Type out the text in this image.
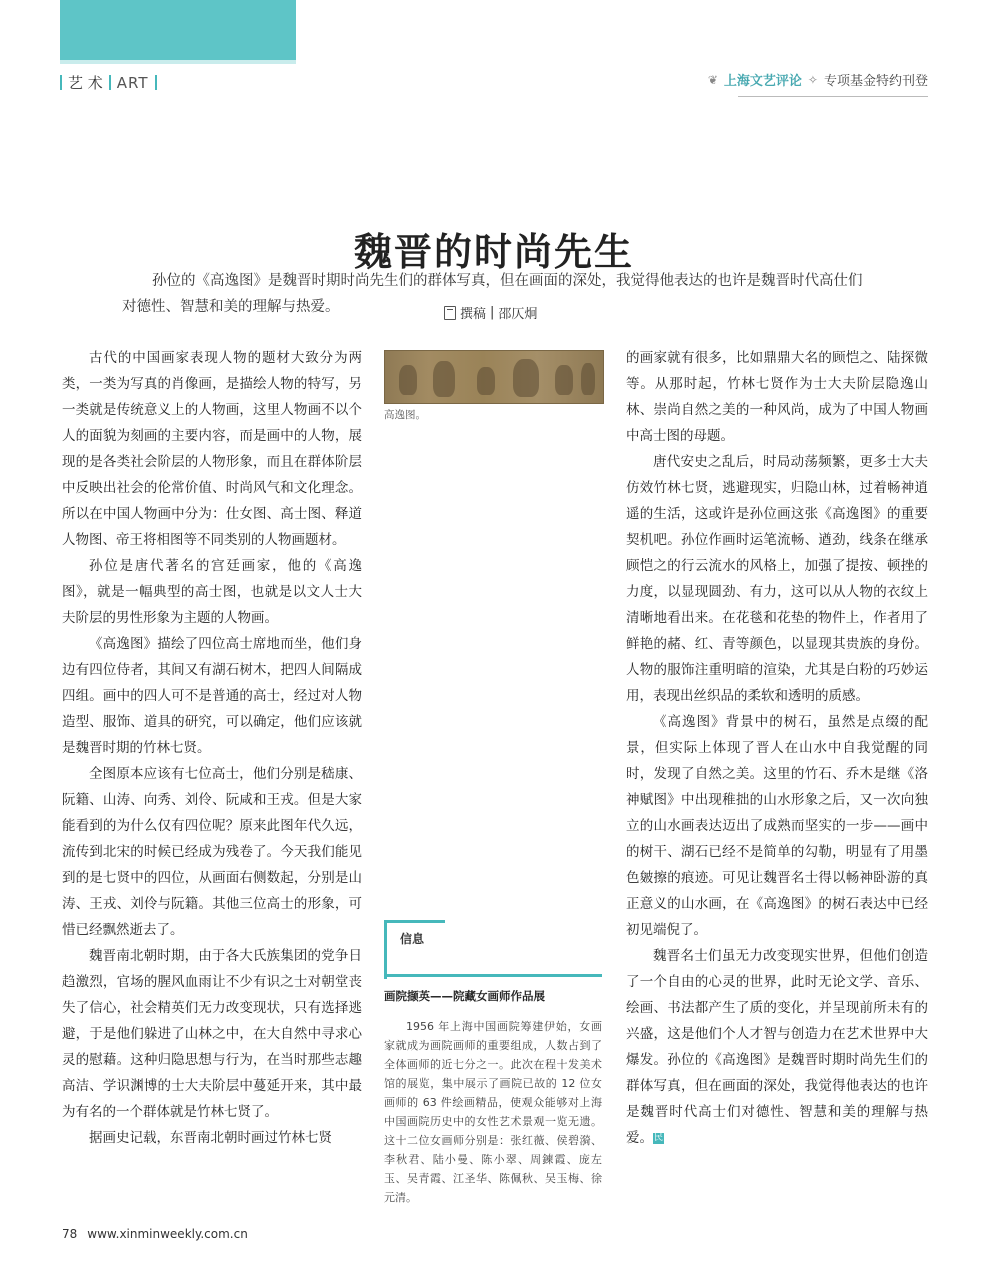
艺 术 ART	❦ 上海文艺评论 ✧ 专项基金特约刊登
魏晋的时尚先生

孙位的《高逸图》是魏晋时期时尚先生们的群体写真，但在画面的深处，我觉得他表达的也许是魏晋时代高仕们对德性、智慧和美的理解与热爱。	撰稿 | 邵仄炯

古代的中国画家表现人物的题材大致分为两类，一类为写真的肖像画，是描绘人物的特写，另一类就是传统意义上的人物画，这里人物画不以个人的面貌为刻画的主要内容，而是画中的人物，展现的是各类社会阶层的人物形象，而且在群体阶层中反映出社会的伦常价值、时尚风气和文化理念。所以在中国人物画中分为：仕女图、高士图、释道人物图、帝王将相图等不同类别的人物画题材。

孙位是唐代著名的宫廷画家，他的《高逸图》，就是一幅典型的高士图，也就是以文人士大夫阶层的男性形象为主题的人物画。

《高逸图》描绘了四位高士席地而坐，他们身边有四位侍者，其间又有湖石树木，把四人间隔成四组。画中的四人可不是普通的高士，经过对人物造型、服饰、道具的研究，可以确定，他们应该就是魏晋时期的竹林七贤。

全图原本应该有七位高士，他们分别是嵇康、阮籍、山涛、向秀、刘伶、阮咸和王戎。但是大家能看到的为什么仅有四位呢？原来此图年代久远，流传到北宋的时候已经成为残卷了。今天我们能见到的是七贤中的四位，从画面右侧数起，分别是山涛、王戎、刘伶与阮籍。其他三位高士的形象，可惜已经飘然逝去了。

魏晋南北朝时期，由于各大氏族集团的党争日趋激烈，官场的腥风血雨让不少有识之士对朝堂丧失了信心，社会精英们无力改变现状，只有选择逃避，于是他们躲进了山林之中，在大自然中寻求心灵的慰藉。这种归隐思想与行为，在当时那些志趣高洁、学识渊博的士大夫阶层中蔓延开来，其中最为有名的一个群体就是竹林七贤了。

据画史记载，东晋南北朝时画过竹林七贤

高逸图。
信息
画院撷英——院藏女画师作品展

1956 年上海中国画院筹建伊始，女画家就成为画院画师的重要组成，人数占到了全体画师的近七分之一。此次在程十发美术馆的展览，集中展示了画院已故的 12 位女画师的 63 件绘画精品，使观众能够对上海中国画院历史中的女性艺术景观一览无遗。这十二位女画师分别是：张红薇、侯碧漪、李秋君、陆小曼、陈小翠、周鍊霞、庞左玉、吴青霞、江圣华、陈佩秋、吴玉梅、徐元清。

的画家就有很多，比如鼎鼎大名的顾恺之、陆探微等。从那时起，竹林七贤作为士大夫阶层隐逸山林、崇尚自然之美的一种风尚，成为了中国人物画中高士图的母题。

唐代安史之乱后，时局动荡频繁，更多士大夫仿效竹林七贤，逃避现实，归隐山林，过着畅神逍遥的生活，这或许是孙位画这张《高逸图》的重要契机吧。孙位作画时运笔流畅、遒劲，线条在继承顾恺之的行云流水的风格上，加强了提按、顿挫的力度，以显现圆劲、有力，这可以从人物的衣纹上清晰地看出来。在花毯和花垫的物件上，作者用了鲜艳的赭、红、青等颜色，以显现其贵族的身份。人物的服饰注重明暗的渲染，尤其是白粉的巧妙运用，表现出丝织品的柔软和透明的质感。

《高逸图》背景中的树石，虽然是点缀的配景，但实际上体现了晋人在山水中自我觉醒的同时，发现了自然之美。这里的竹石、乔木是继《洛神赋图》中出现稚拙的山水形象之后，又一次向独立的山水画表达迈出了成熟而坚实的一步——画中的树干、湖石已经不是简单的勾勒，明显有了用墨色皴擦的痕迹。可见让魏晋名士得以畅神卧游的真正意义的山水画，在《高逸图》的树石表达中已经初见端倪了。

魏晋名士们虽无力改变现实世界，但他们创造了一个自由的心灵的世界，此时无论文学、音乐、绘画、书法都产生了质的变化，并呈现前所未有的兴盛，这是他们个人才智与创造力在艺术世界中大爆发。孙位的《高逸图》是魏晋时期时尚先生们的群体写真，但在画面的深处，我觉得他表达的也许是魏晋时代高士们对德性、智慧和美的理解与热爱。民

78 www.xinminweekly.com.cn
